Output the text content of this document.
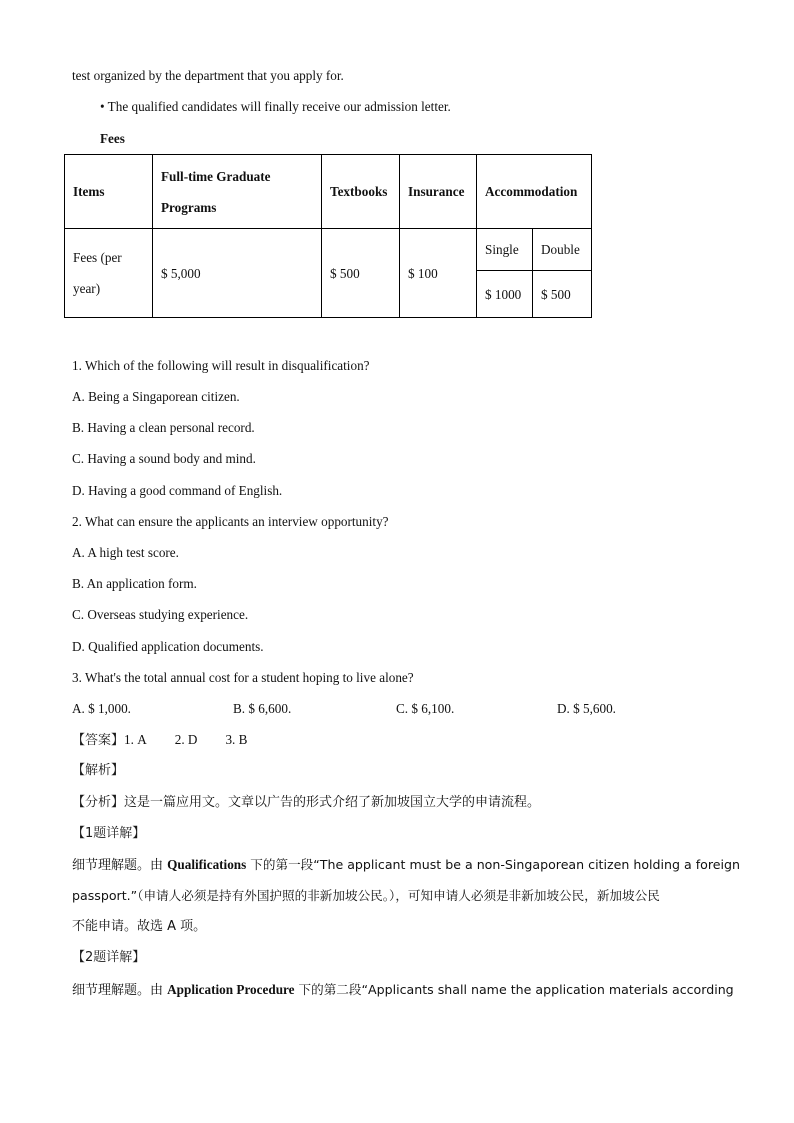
test organized by the department that you apply for.
• The qualified candidates will finally receive our admission letter.
Fees
Items	Full-time Graduate Programs	Textbooks	Insurance	Accommodation	
Fees (per year)	$ 5,000	$ 500	$ 100	Single	Double
				$ 1000	$ 500
1. Which of the following will result in disqualification?
A. Being a Singaporean citizen.
B. Having a clean personal record.
C. Having a sound body and mind.
D. Having a good command of English.
2. What can ensure the applicants an interview opportunity?
A. A high test score.
B. An application form.
C. Overseas studying experience.
D. Qualified application documents.
3. What's the total annual cost for a student hoping to live alone?
A. $ 1,000.	B. $ 6,600.	C. $ 6,100.	D. $ 5,600.
【答案】1. A 2. D 3. B
【解析】
【分析】这是一篇应用文。文章以广告的形式介绍了新加坡国立大学的申请流程。
【1题详解】
细节理解题。由 Qualifications 下的第一段“The applicant must be a non-Singaporean citizen holding a foreign
passport.”（申请人必须是持有外国护照的非新加坡公民。），可知申请人必须是非新加坡公民，新加坡公民
不能申请。故选 A 项。
【2题详解】
细节理解题。由 Application Procedure 下的第二段“Applicants shall name the application materials according
